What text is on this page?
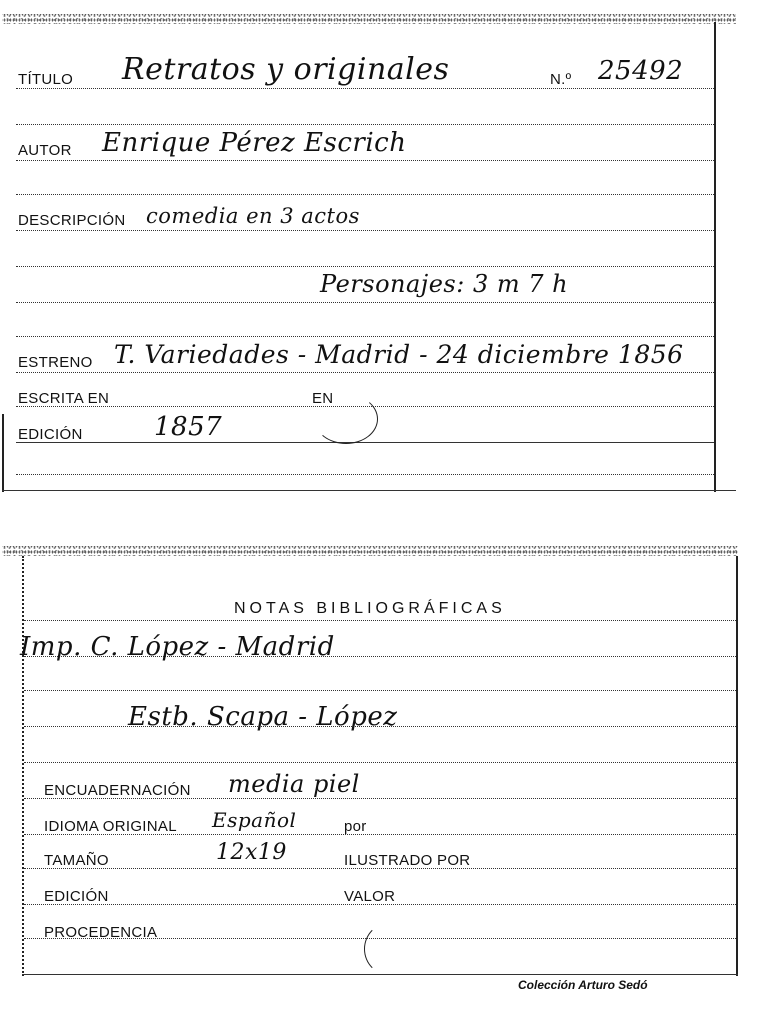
TÍTULO Retratos y originales	N.º 25492
AUTOR Enrique Pérez Escrich
DESCRIPCIÓN comedia en 3 actos
Personajes: 3 m 7 h
ESTRENO T. Variedades - Madrid - 24 diciembre 1856
ESCRITA EN	EN
EDICIÓN	1857
NOTAS BIBLIOGRÁFICAS
Imp. C. López - Madrid
Estb. Scapa - López
ENCUADERNACIÓN media piel
IDIOMA ORIGINAL Español	por
TAMAÑO	12x19	ILUSTRADO POR
EDICIÓN	VALOR
PROCEDENCIA
Colección Arturo Sedó
